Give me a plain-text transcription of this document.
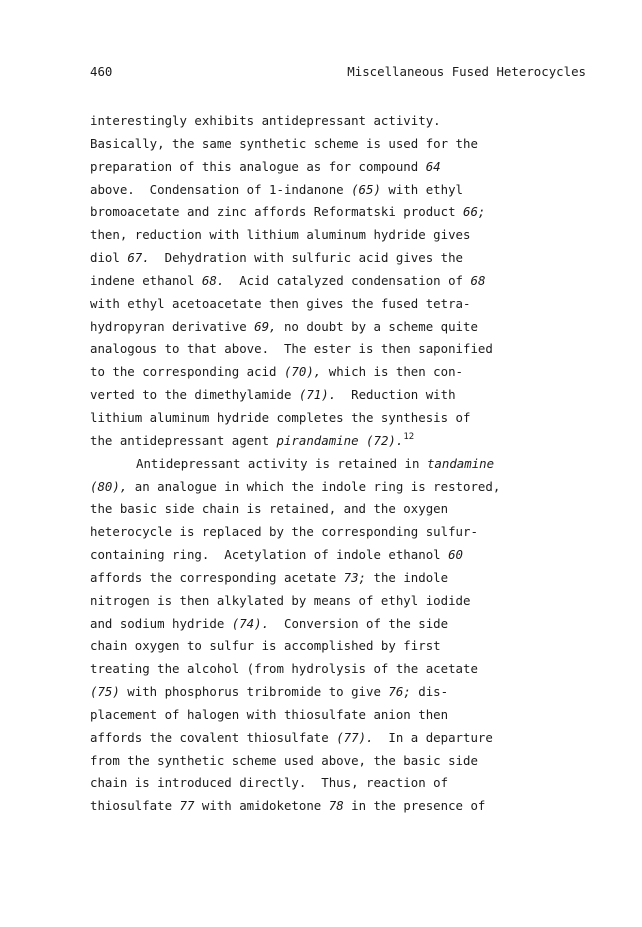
460	Miscellaneous Fused Heterocycles
interestingly exhibits antidepressant activity.
Basically, the same synthetic scheme is used for the
preparation of this analogue as for compound 64
above.  Condensation of 1-indanone (65) with ethyl
bromoacetate and zinc affords Reformatski product 66;
then, reduction with lithium aluminum hydride gives
diol 67.  Dehydration with sulfuric acid gives the
indene ethanol 68.  Acid catalyzed condensation of 68
with ethyl acetoacetate then gives the fused tetra-
hydropyran derivative 69, no doubt by a scheme quite
analogous to that above.  The ester is then saponified
to the corresponding acid (70), which is then con-
verted to the dimethylamide (71).  Reduction with
lithium aluminum hydride completes the synthesis of
the antidepressant agent pirandamine (72).$^{12}$
Antidepressant activity is retained in tandamine
(80), an analogue in which the indole ring is restored,
the basic side chain is retained, and the oxygen
heterocycle is replaced by the corresponding sulfur-
containing ring.  Acetylation of indole ethanol 60
affords the corresponding acetate 73; the indole
nitrogen is then alkylated by means of ethyl iodide
and sodium hydride (74).  Conversion of the side
chain oxygen to sulfur is accomplished by first
treating the alcohol (from hydrolysis of the acetate
(75) with phosphorus tribromide to give 76; dis-
placement of halogen with thiosulfate anion then
affords the covalent thiosulfate (77).  In a departure
from the synthetic scheme used above, the basic side
chain is introduced directly.  Thus, reaction of
thiosulfate 77 with amidoketone 78 in the presence of
